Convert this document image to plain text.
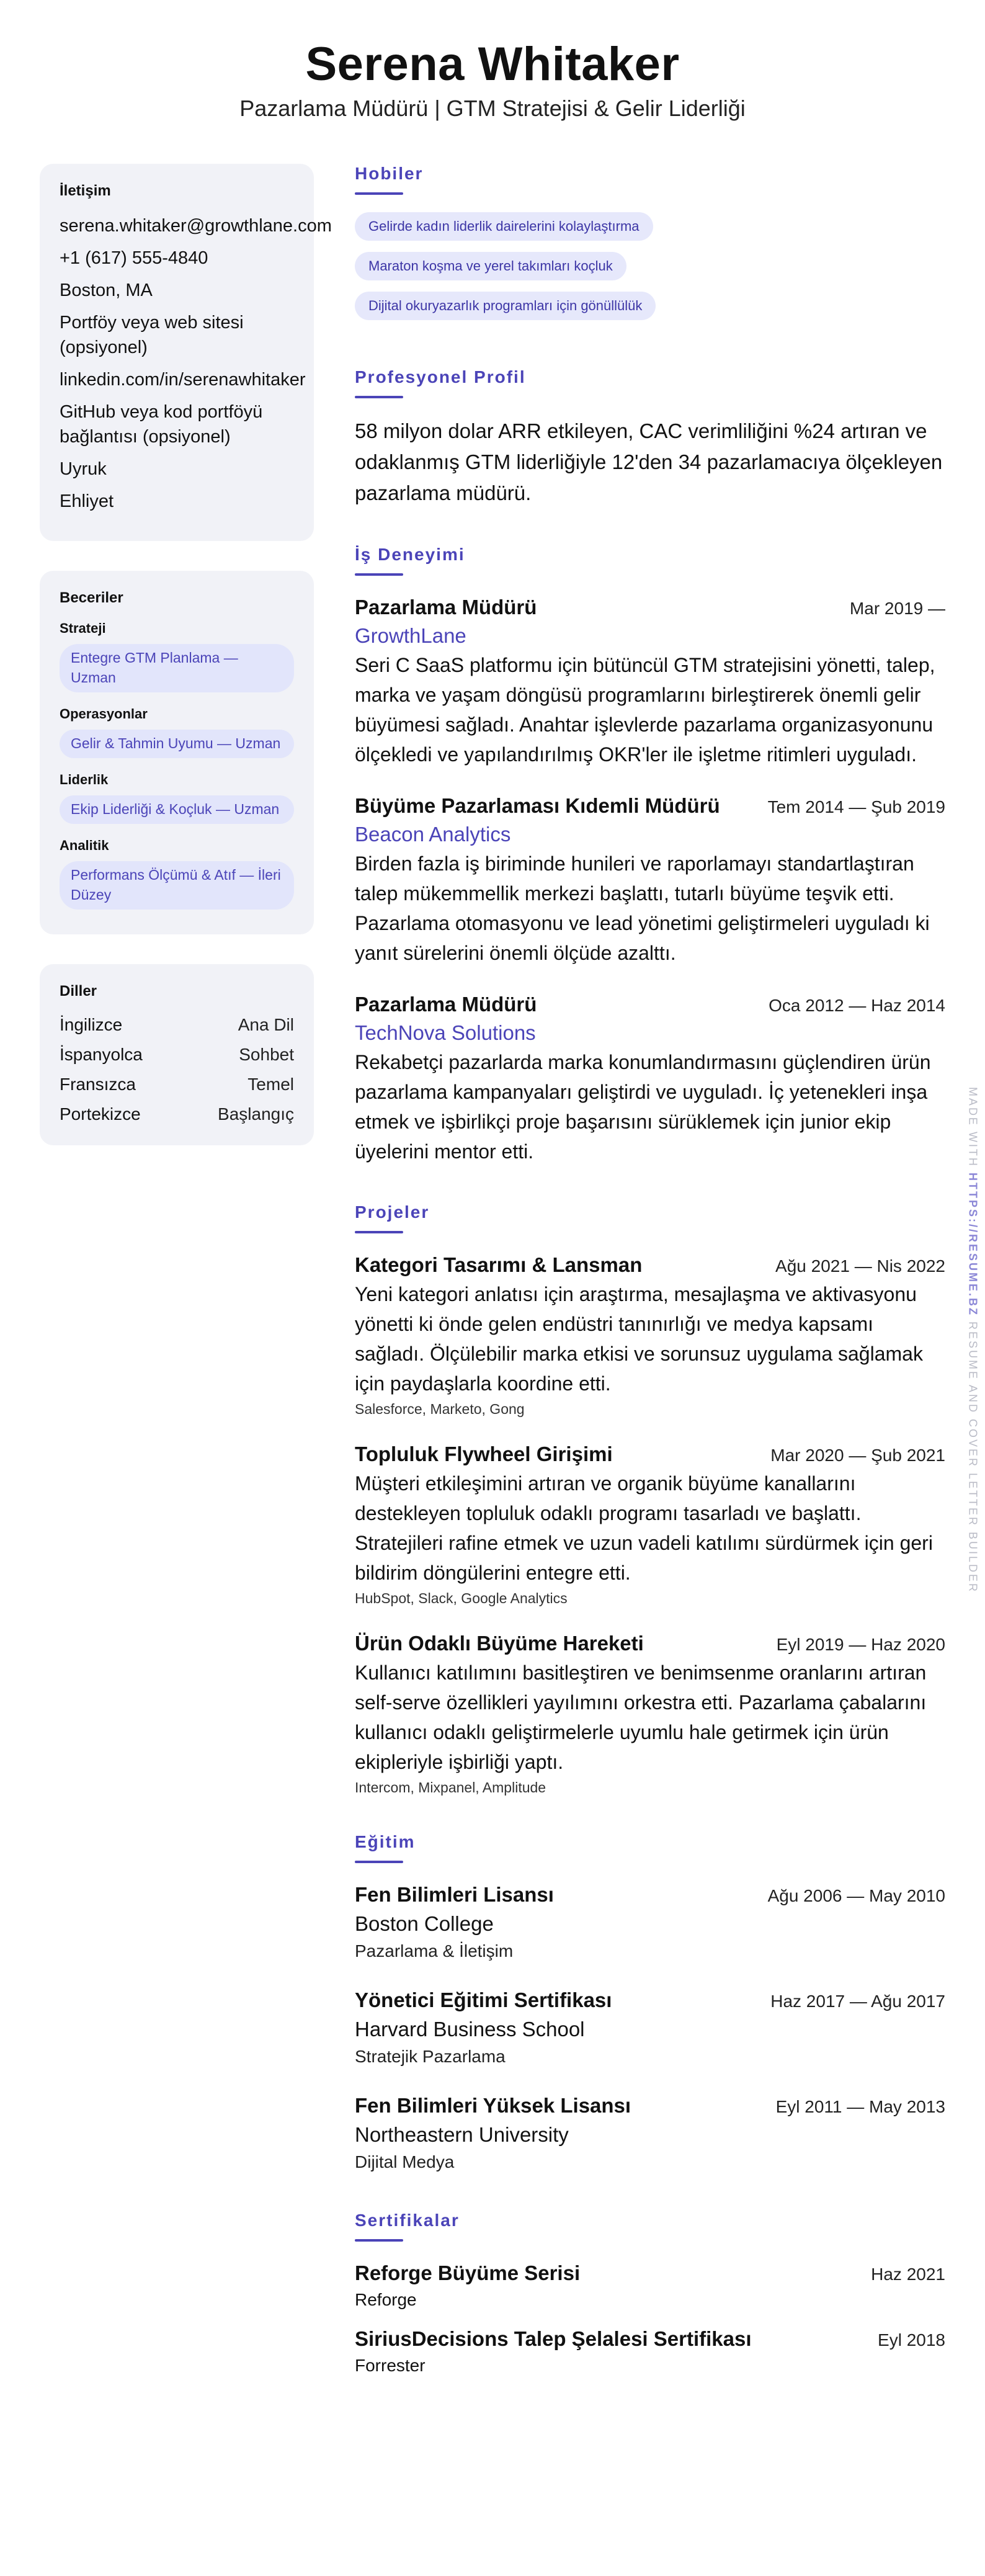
Serena Whitaker
Pazarlama Müdürü | GTM Stratejisi & Gelir Liderliği
İletişim
serena.whitaker@growthlane.com
+1 (617) 555-4840
Boston, MA
Portföy veya web sitesi (opsiyonel)
linkedin.com/in/serenawhitaker
GitHub veya kod portföyü bağlantısı (opsiyonel)
Uyruk
Ehliyet
Beceriler
Strateji
Entegre GTM Planlama — Uzman
Operasyonlar
Gelir & Tahmin Uyumu — Uzman
Liderlik
Ekip Liderliği & Koçluk — Uzman
Analitik
Performans Ölçümü & Atıf — İleri Düzey
Diller
İngilizce	Ana Dil
İspanyolca	Sohbet
Fransızca	Temel
Portekizce	Başlangıç
Hobiler
Gelirde kadın liderlik dairelerini kolaylaştırma
Maraton koşma ve yerel takımları koçluk
Dijital okuryazarlık programları için gönüllülük
Profesyonel Profil
58 milyon dolar ARR etkileyen, CAC verimliliğini %24 artıran ve odaklanmış GTM liderliğiyle 12'den 34 pazarlamacıya ölçekleyen pazarlama müdürü.
İş Deneyimi
Pazarlama Müdürü	Mar 2019 —
GrowthLane
Seri C SaaS platformu için bütüncül GTM stratejisini yönetti, talep, marka ve yaşam döngüsü programlarını birleştirerek önemli gelir büyümesi sağladı. Anahtar işlevlerde pazarlama organizasyonunu ölçekledi ve yapılandırılmış OKR'ler ile işletme ritimleri uyguladı.
Büyüme Pazarlaması Kıdemli Müdürü	Tem 2014 — Şub 2019
Beacon Analytics
Birden fazla iş biriminde hunileri ve raporlamayı standartlaştıran talep mükemmellik merkezi başlattı, tutarlı büyüme teşvik etti. Pazarlama otomasyonu ve lead yönetimi geliştirmeleri uyguladı ki yanıt sürelerini önemli ölçüde azalttı.
Pazarlama Müdürü	Oca 2012 — Haz 2014
TechNova Solutions
Rekabetçi pazarlarda marka konumlandırmasını güçlendiren ürün pazarlama kampanyaları geliştirdi ve uyguladı. İç yetenekleri inşa etmek ve işbirlikçi proje başarısını sürüklemek için junior ekip üyelerini mentor etti.
Projeler
Kategori Tasarımı & Lansman	Ağu 2021 — Nis 2022
Yeni kategori anlatısı için araştırma, mesajlaşma ve aktivasyonu yönetti ki önde gelen endüstri tanınırlığı ve medya kapsamı sağladı. Ölçülebilir marka etkisi ve sorunsuz uygulama sağlamak için paydaşlarla koordine etti.
Salesforce, Marketo, Gong
Topluluk Flywheel Girişimi	Mar 2020 — Şub 2021
Müşteri etkileşimini artıran ve organik büyüme kanallarını destekleyen topluluk odaklı programı tasarladı ve başlattı. Stratejileri rafine etmek ve uzun vadeli katılımı sürdürmek için geri bildirim döngülerini entegre etti.
HubSpot, Slack, Google Analytics
Ürün Odaklı Büyüme Hareketi	Eyl 2019 — Haz 2020
Kullanıcı katılımını basitleştiren ve benimsenme oranlarını artıran self-serve özellikleri yayılımını orkestra etti. Pazarlama çabalarını kullanıcı odaklı geliştirmelerle uyumlu hale getirmek için ürün ekipleriyle işbirliği yaptı.
Intercom, Mixpanel, Amplitude
Eğitim
Fen Bilimleri Lisansı	Ağu 2006 — May 2010
Boston College
Pazarlama & İletişim
Yönetici Eğitimi Sertifikası	Haz 2017 — Ağu 2017
Harvard Business School
Stratejik Pazarlama
Fen Bilimleri Yüksek Lisansı	Eyl 2011 — May 2013
Northeastern University
Dijital Medya
Sertifikalar
Reforge Büyüme Serisi	Haz 2021
Reforge
SiriusDecisions Talep Şelalesi Sertifikası	Eyl 2018
Forrester
MADE WITH HTTPS://RESUME.BZ RESUME AND COVER LETTER BUILDER
